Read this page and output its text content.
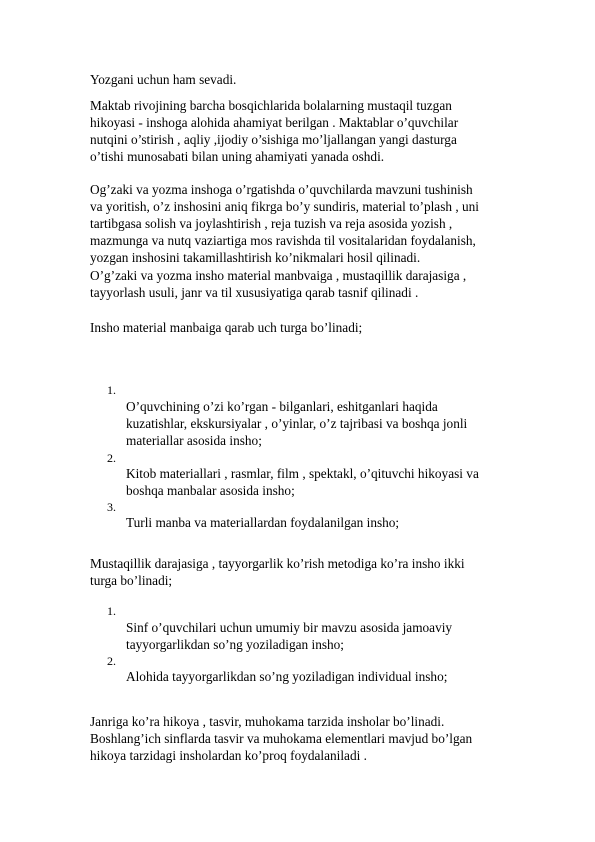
Yozgani uchun ham sevadi.
Maktab rivojining barcha bosqichlarida bolalarning mustaqil tuzgan
hikoyasi - inshoga alohida ahamiyat berilgan . Maktablar o’quvchilar
nutqini o’stirish , aqliy ,ijodiy o’sishiga mo’ljallangan yangi dasturga
o’tishi munosabati bilan uning ahamiyati yanada oshdi.
Og’zaki va yozma inshoga o’rgatishda o’quvchilarda mavzuni tushinish
va yoritish, o’z inshosini aniq fikrga bo’y sundiris, material to’plash , uni
tartibgasa solish va joylashtirish , reja tuzish va reja asosida yozish ,
mazmunga va nutq vaziartiga mos ravishda til vositalaridan foydalanish,
yozgan inshosini takamillashtirish ko’nikmalari hosil qilinadi.
O’g’zaki va yozma insho material manbvaiga , mustaqillik darajasiga ,
tayyorlash usuli, janr va til xususiyatiga qarab tasnif qilinadi .
Insho material manbaiga qarab uch turga bo’linadi;
1.
O’quvchining o’zi ko’rgan - bilganlari, eshitganlari haqida
kuzatishlar, ekskursiyalar , o’yinlar, o’z tajribasi va boshqa jonli
materiallar asosida insho;
2.
Kitob materiallari , rasmlar, film , spektakl, o’qituvchi hikoyasi va
boshqa manbalar asosida insho;
3.
Turli manba va materiallardan foydalanilgan insho;
Mustaqillik darajasiga , tayyorgarlik ko’rish metodiga ko’ra insho ikki
turga bo’linadi;
1.
Sinf o’quvchilari uchun umumiy bir mavzu asosida jamoaviy
tayyorgarlikdan so’ng yoziladigan insho;
2.
Alohida tayyorgarlikdan so’ng yoziladigan individual insho;
Janriga ko’ra hikoya , tasvir, muhokama tarzida insholar bo’linadi.
Boshlang’ich sinflarda tasvir va muhokama elementlari mavjud bo’lgan
hikoya tarzidagi insholardan ko’proq foydalaniladi .
